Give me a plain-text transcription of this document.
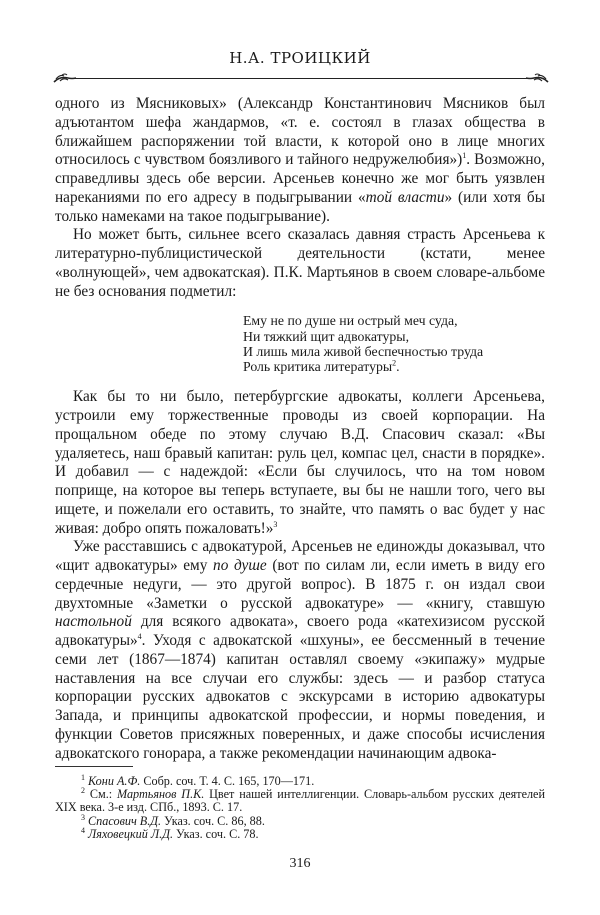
Н.А. ТРОИЦКИЙ

одного из Мясниковых» (Александр Константинович Мясников был адъютантом шефа жандармов, «т. е. состоял в глазах общества в ближайшем распоряжении той власти, к которой оно в лице многих относилось с чувством боязливого и тайного недружелюбия»)$^1$. Возможно, справедливы здесь обе версии. Арсеньев конечно же мог быть уязвлен нареканиями по его адресу в подыгрывании «той власти» (или хотя бы только намеками на такое подыгрывание).

Но может быть, сильнее всего сказалась давняя страсть Арсеньева к литературно-публицистической деятельности (кстати, менее «волнующей», чем адвокатская). П.К. Мартьянов в своем словаре-альбоме не без основания подметил:

Ему не по душе ни острый меч суда,
Ни тяжкий щит адвокатуры,
И лишь мила живой беспечностью труда
Роль критика литературы$^2$.

Как бы то ни было, петербургские адвокаты, коллеги Арсеньева, устроили ему торжественные проводы из своей корпорации. На прощальном обеде по этому случаю В.Д. Спасович сказал: «Вы удаляетесь, наш бравый капитан: руль цел, компас цел, снасти в порядке». И добавил — с надеждой: «Если бы случилось, что на том новом поприще, на которое вы теперь вступаете, вы бы не нашли того, чего вы ищете, и пожелали его оставить, то знайте, что память о вас будет у нас живая: добро опять пожаловать!»$^3$

Уже расставшись с адвокатурой, Арсеньев не единожды доказывал, что «щит адвокатуры» ему по душе (вот по силам ли, если иметь в виду его сердечные недуги, — это другой вопрос). В 1875 г. он издал свои двухтомные «Заметки о русской адвокатуре» — «книгу, ставшую настольной для всякого адвоката», своего рода «катехизисом русской адвокатуры»$^4$. Уходя с адвокатской «шхуны», ее бессменный в течение семи лет (1867—1874) капитан оставлял своему «экипажу» мудрые наставления на все случаи его службы: здесь — и разбор статуса корпорации русских адвокатов с экскурсами в историю адвокатуры Запада, и принципы адвокатской профессии, и нормы поведения, и функции Советов присяжных поверенных, и даже способы исчисления адвокатского гонорара, а также рекомендации начинающим адвока-

$^1$ Кони А.Ф. Собр. соч. Т. 4. С. 165, 170—171.

$^2$ См.: Мартьянов П.К. Цвет нашей интеллигенции. Словарь-альбом русских деятелей XIX века. 3-е изд. СПб., 1893. С. 17.

$^3$ Спасович В.Д. Указ. соч. С. 86, 88.

$^4$ Ляховецкий Л.Д. Указ. соч. С. 78.

316
